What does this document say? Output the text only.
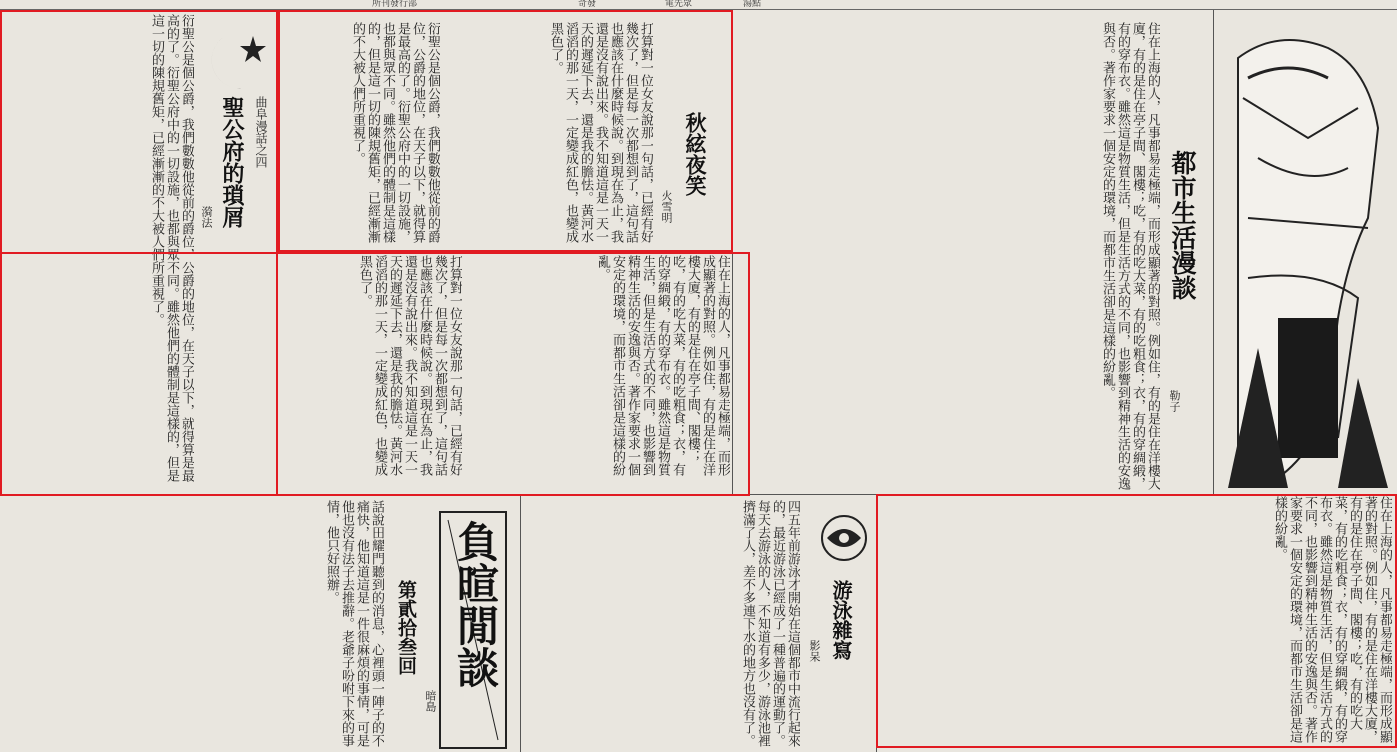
所刊發行部	奇發	電先眾	湯點
都市生活漫談
勒子
住在上海的人，凡事都易走極端，而形成顯著的對照。例如住，有的是住在洋樓大廈，有的是住在亭子間、閣樓；吃，有的吃大菜，有的吃粗食；衣，有的穿綢緞，有的穿布衣。雖然這是物質生活，但是生活方式的不同，也影響到精神生活的安逸與否。著作家要求一個安定的環境，而都市生活卻是這樣的紛亂。
秋絃夜笑
火雪明
打算對一位女友說那一句話，已經有好幾次了，但是每一次都想到了，這句話也應該在什麼時候說。到現在為止，我還是沒有說出來。我不知道這是一天一天的遲延下去，還是我的膽怯。黃河水滔滔的那一天，一定變成紅色，也變成黑色了。
聖公府的瑣屑 曲阜漫話之四
漪法
衍聖公是個公爵，我們數數他從前的爵位，公爵的地位，在天子以下，就得算是最高的了。衍聖公府中的一切設施，也都與眾不同。雖然他們的體制是這樣的，但是這一切的陳規舊矩，已經漸漸的不大被人們所重視了。	衍聖公是個公爵，我們數數他從前的爵位，公爵的地位，在天子以下，就得算是最高的了。衍聖公府中的一切設施，也都與眾不同。雖然他們的體制是這樣的，但是這一切的陳規舊矩，已經漸漸的不大被人們所重視了。
住在上海的人，凡事都易走極端，而形成顯著的對照。例如住，有的是住在洋樓大廈，有的是住在亭子間、閣樓；吃，有的吃大菜，有的吃粗食；衣，有的穿綢緞，有的穿布衣。雖然這是物質生活，但是生活方式的不同，也影響到精神生活的安逸與否。著作家要求一個安定的環境，而都市生活卻是這樣的紛亂。
打算對一位女友說那一句話，已經有好幾次了，但是每一次都想到了，這句話也應該在什麼時候說。到現在為止，我還是沒有說出來。我不知道這是一天一天的遲延下去，還是我的膽怯。黃河水滔滔的那一天，一定變成紅色，也變成黑色了。
住在上海的人，凡事都易走極端，而形成顯著的對照。例如住，有的是住在洋樓大廈，有的是住在亭子間、閣樓；吃，有的吃大菜，有的吃粗食；衣，有的穿綢緞，有的穿布衣。雖然這是物質生活，但是生活方式的不同，也影響到精神生活的安逸與否。著作家要求一個安定的環境，而都市生活卻是這樣的紛亂。
游泳雜寫
影呆
四五年前游泳才開始在這個都市中流行起來的，最近游泳已經成了一種普遍的運動了。每天去游泳的人，不知道有多少，游泳池裡擠滿了人，差不多連下水的地方也沒有了。
負暄閒談
第貳拾叁回
暗島
話說田耀門聽到的消息，心裡頭一陣子的不痛快，他知道這是一件很麻煩的事情，可是他也沒有法子去推辭。老爺子吩咐下來的事情，他只好照辦。
